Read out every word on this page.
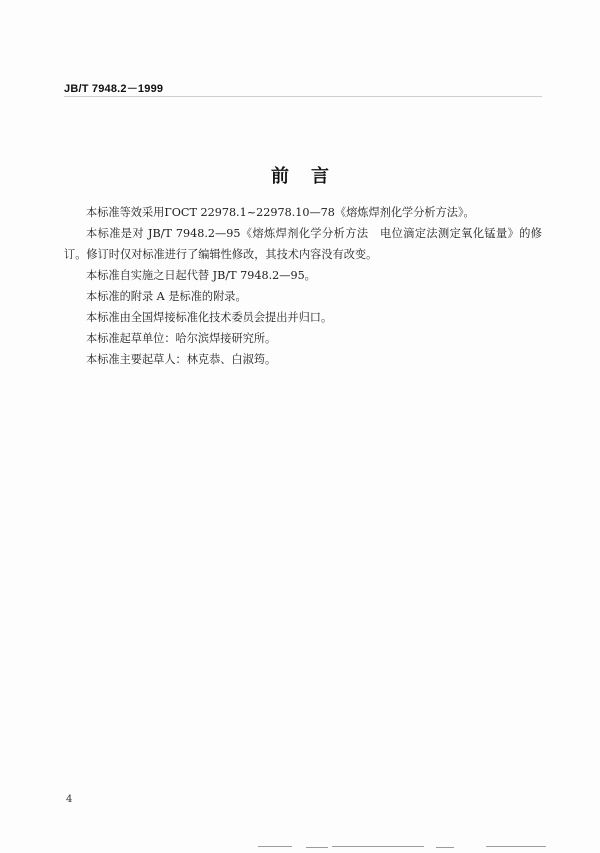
JB/T 7948.2－1999
前言

本标准等效采用ГOCT 22978.1~22978.10—78《熔炼焊剂化学分析方法》。

本标准是对 JB/T 7948.2—95《熔炼焊剂化学分析方法　电位滴定法测定氧化锰量》的修订。修订时仅对标准进行了编辑性修改，其技术内容没有改变。

本标准自实施之日起代替 JB/T 7948.2—95。

本标准的附录 A 是标准的附录。

本标准由全国焊接标准化技术委员会提出并归口。

本标准起草单位：哈尔滨焊接研究所。

本标准主要起草人：林克恭、白淑筠。

4
